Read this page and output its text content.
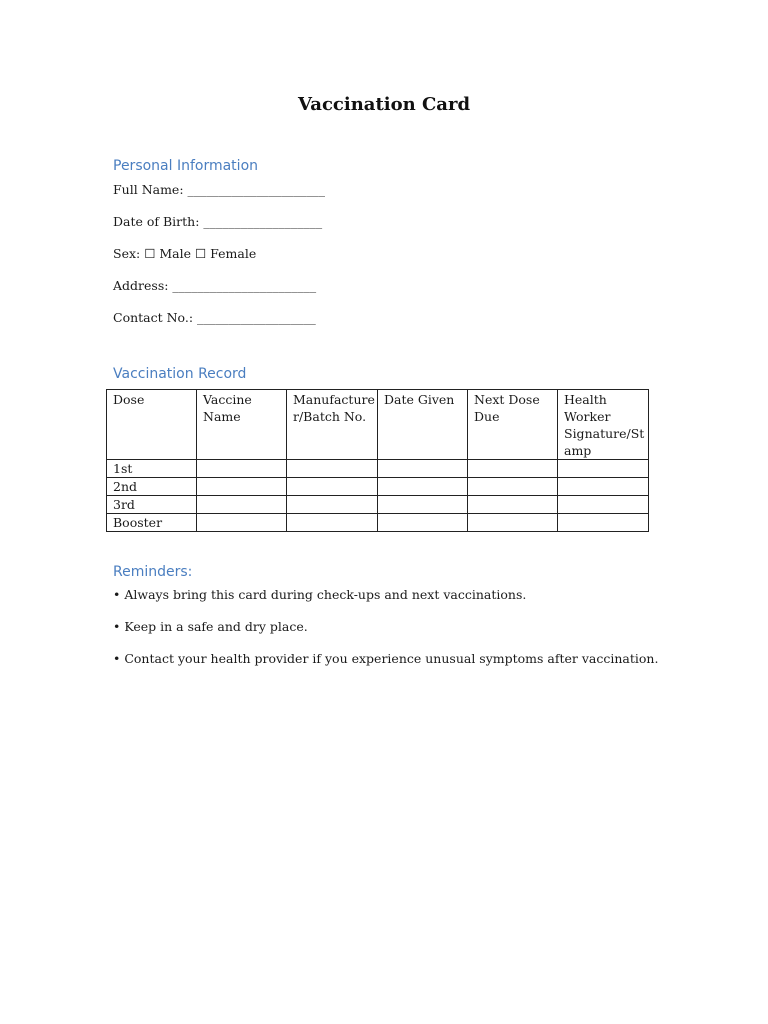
Vaccination Card
Personal Information
Full Name: ______________________
Date of Birth: ___________________
Sex: ☐ Male ☐ Female
Address: _______________________
Contact No.: ___________________
Vaccination Record
Dose	Vaccine Name	Manufacture r/Batch No.	Date Given	Next Dose Due	Health Worker Signature/St amp
1st					
2nd					
3rd					
Booster					
Reminders:
• Always bring this card during check-ups and next vaccinations.
• Keep in a safe and dry place.
• Contact your health provider if you experience unusual symptoms after vaccination.
